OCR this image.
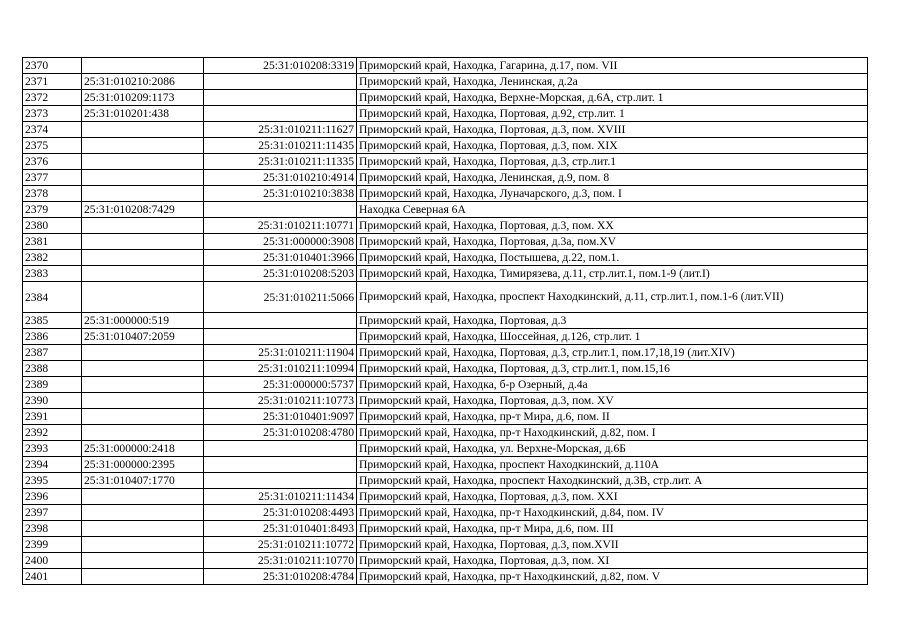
2370		25:31:010208:3319	Приморский край, Находка, Гагарина, д.17, пом. VII
2371	25:31:010210:2086		Приморский край, Находка, Ленинская, д.2а
2372	25:31:010209:1173		Приморский край, Находка, Верхне-Морская, д.6А, стр.лит. 1
2373	25:31:010201:438		Приморский край, Находка, Портовая, д.92, стр.лит. 1
2374		25:31:010211:11627	Приморский край, Находка, Портовая, д.3, пом. XVIII
2375		25:31:010211:11435	Приморский край, Находка, Портовая, д.3, пом. XIX
2376		25:31:010211:11335	Приморский край, Находка, Портовая, д.3, стр.лит.1
2377		25:31:010210:4914	Приморский край, Находка, Ленинская, д.9, пом. 8
2378		25:31:010210:3838	Приморский край, Находка, Луначарского, д.3, пом. I
2379	25:31:010208:7429		Находка Северная 6А
2380		25:31:010211:10771	Приморский край, Находка, Портовая, д.3, пом. XX
2381		25:31:000000:3908	Приморский край, Находка, Портовая, д.3а, пом.XV
2382		25:31:010401:3966	Приморский край, Находка, Постышева, д.22, пом.1.
2383		25:31:010208:5203	Приморский край, Находка, Тимирязева, д.11, стр.лит.1, пом.1-9 (лит.I)
2384		25:31:010211:5066	Приморский край, Находка, проспект Находкинский, д.11, стр.лит.1, пом.1-6 (лит.VII)
2385	25:31:000000:519		Приморский край, Находка, Портовая, д.3
2386	25:31:010407:2059		Приморский край, Находка, Шоссейная, д.126, стр.лит. 1
2387		25:31:010211:11904	Приморский край, Находка, Портовая, д.3, стр.лит.1, пом.17,18,19 (лит.XIV)
2388		25:31:010211:10994	Приморский край, Находка, Портовая, д.3, стр.лит.1, пом.15,16
2389		25:31:000000:5737	Приморский край, Находка, б-р Озерный, д.4а
2390		25:31:010211:10773	Приморский край, Находка, Портовая, д.3, пом. XV
2391		25:31:010401:9097	Приморский край, Находка, пр-т Мира, д.6, пом. II
2392		25:31:010208:4780	Приморский край, Находка, пр-т Находкинский, д.82, пом. I
2393	25:31:000000:2418		Приморский край, Находка, ул. Верхне-Морская, д.6Б
2394	25:31:000000:2395		Приморский край, Находка, проспект Находкинский, д.110А
2395	25:31:010407:1770		Приморский край, Находка, проспект Находкинский, д.3В, стр.лит. А
2396		25:31:010211:11434	Приморский край, Находка, Портовая, д.3, пом. XXI
2397		25:31:010208:4493	Приморский край, Находка, пр-т Находкинский, д.84, пом. IV
2398		25:31:010401:8493	Приморский край, Находка, пр-т Мира, д.6, пом. III
2399		25:31:010211:10772	Приморский край, Находка, Портовая, д.3, пом.XVII
2400		25:31:010211:10770	Приморский край, Находка, Портовая, д.3, пом. XI
2401		25:31:010208:4784	Приморский край, Находка, пр-т Находкинский, д.82, пом. V
